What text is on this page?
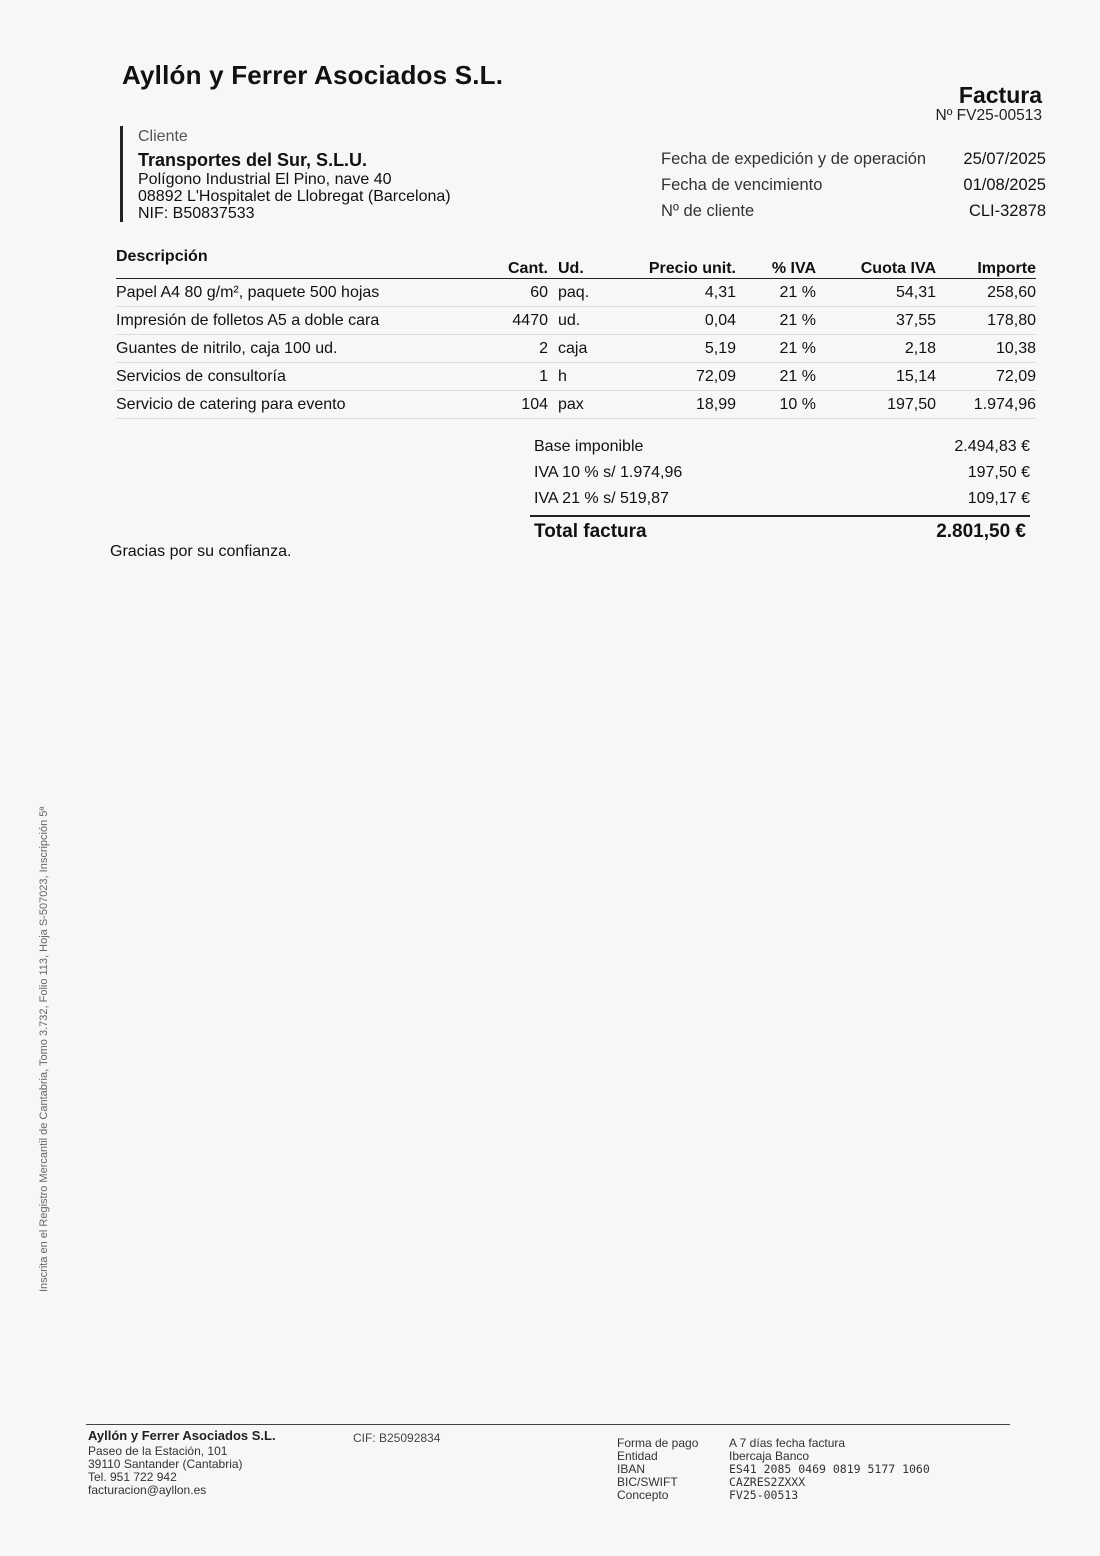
Ayllón y Ferrer Asociados S.L.
Factura
Nº FV25-00513
Cliente
Transportes del Sur, S.L.U.
Polígono Industrial El Pino, nave 40
08892 L'Hospitalet de Llobregat (Barcelona)
NIF: B50837533
Fecha de expedición y de operación 25/07/2025
Fecha de vencimiento	01/08/2025
Nº de cliente	CLI-32878
Descripción
Cant. Ud.	Precio unit.	% IVA	Cuota IVA	Importe
Papel A4 80 g/m², paquete 500 hojas	60 paq.	4,31	21 %	54,31	258,60
Impresión de folletos A5 a doble cara	4470 ud.	0,04	21 %	37,55	178,80
Guantes de nitrilo, caja 100 ud.	2 caja	5,19	21 %	2,18	10,38
Servicios de consultoría	1 h	72,09	21 %	15,14	72,09
Servicio de catering para evento	104 pax	18,99	10 %	197,50	1.974,96
Base imponible	2.494,83 €
IVA 10 % s/ 1.974,96	197,50 €
IVA 21 % s/ 519,87	109,17 €
Total factura	2.801,50 €
Gracias por su confianza.
Inscrita en el Registro Mercantil de Cantabria, Tomo 3.732, Folio 113, Hoja S-507023, Inscripción 5ª
Ayllón y Ferrer Asociados S.L.
Paseo de la Estación, 101
39110 Santander (Cantabria)
Tel. 951 722 942
facturacion@ayllon.es
CIF: B25092834	Forma de pago	A 7 días fecha factura
Entidad	Ibercaja Banco
IBAN	ES41 2085 0469 0819 5177 1060
BIC/SWIFT	CAZRES2ZXXX
Concepto	FV25-00513
